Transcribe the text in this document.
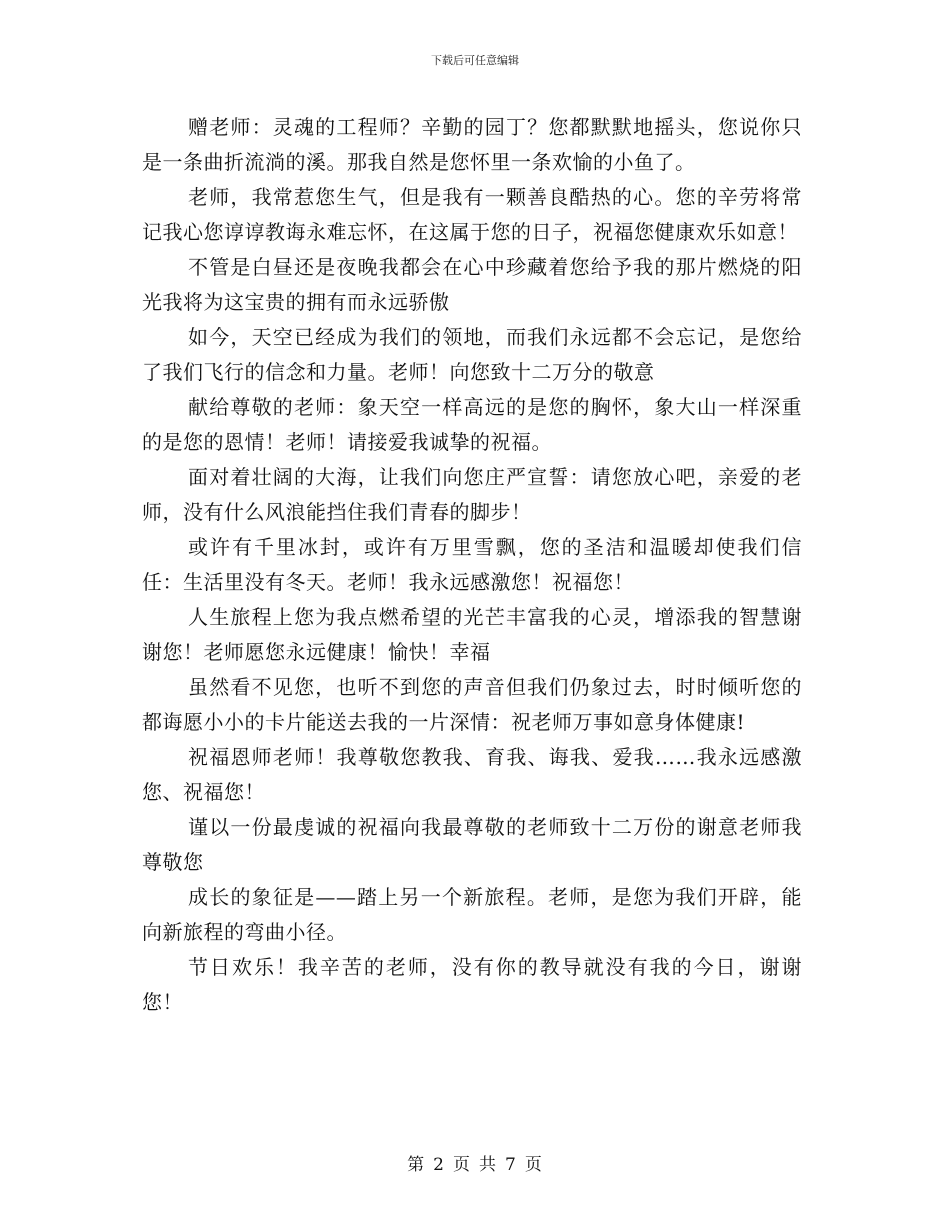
下载后可任意编辑

赠老师：灵魂的工程师？辛勤的园丁？您都默默地摇头，您说你只是一条曲折流淌的溪。那我自然是您怀里一条欢愉的小鱼了。

老师，我常惹您生气，但是我有一颗善良酷热的心。您的辛劳将常记我心您谆谆教诲永难忘怀，在这属于您的日子，祝福您健康欢乐如意！

不管是白昼还是夜晚我都会在心中珍藏着您给予我的那片燃烧的阳光我将为这宝贵的拥有而永远骄傲

如今，天空已经成为我们的领地，而我们永远都不会忘记，是您给了我们飞行的信念和力量。老师！向您致十二万分的敬意

献给尊敬的老师：象天空一样高远的是您的胸怀，象大山一样深重的是您的恩情！老师！请接爱我诚挚的祝福。

面对着壮阔的大海，让我们向您庄严宣誓：请您放心吧，亲爱的老师，没有什么风浪能挡住我们青春的脚步！

或许有千里冰封，或许有万里雪飘，您的圣洁和温暖却使我们信任：生活里没有冬天。老师！我永远感激您！祝福您！

人生旅程上您为我点燃希望的光芒丰富我的心灵，增添我的智慧谢谢您！老师愿您永远健康！愉快！幸福

虽然看不见您，也听不到您的声音但我们仍象过去，时时倾听您的都诲愿小小的卡片能送去我的一片深情：祝老师万事如意身体健康!

祝福恩师老师！我尊敬您教我、育我、诲我、爱我……我永远感激您、祝福您！

谨以一份最虔诚的祝福向我最尊敬的老师致十二万份的谢意老师我尊敬您

成长的象征是——踏上另一个新旅程。老师，是您为我们开辟，能向新旅程的弯曲小径。

节日欢乐！我辛苦的老师，没有你的教导就没有我的今日，谢谢您！

第 2 页 共 7 页
